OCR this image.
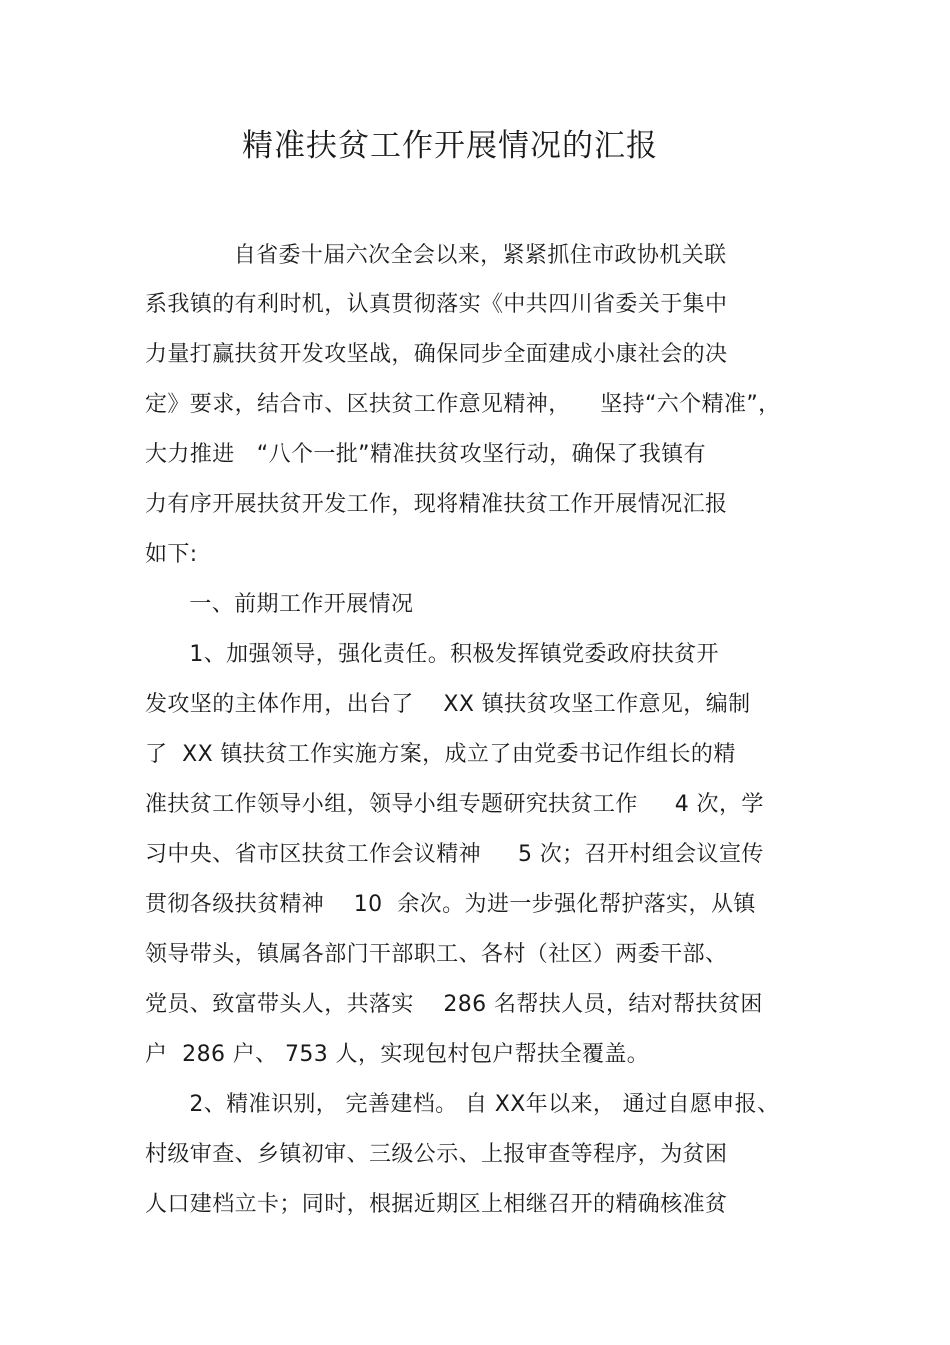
精准扶贫工作开展情况的汇报
自省委十届六次全会以来，紧紧抓住市政协机关联
系我镇的有利时机，认真贯彻落实《中共四川省委关于集中
力量打赢扶贫开发攻坚战，确保同步全面建成小康社会的决
定》要求，结合市、区扶贫工作意见精神，    坚持“六个精准”，
大力推进   “八个一批”精准扶贫攻坚行动，确保了我镇有
力有序开展扶贫开发工作，现将精准扶贫工作开展情况汇报
如下:
一、前期工作开展情况
1、加强领导，强化责任。积极发挥镇党委政府扶贫开
发攻坚的主体作用，出台了    XX 镇扶贫攻坚工作意见，编制
了  XX 镇扶贫工作实施方案，成立了由党委书记作组长的精
准扶贫工作领导小组，领导小组专题研究扶贫工作     4 次，学
习中央、省市区扶贫工作会议精神     5 次；召开村组会议宣传
贯彻各级扶贫精神    10  余次。为进一步强化帮护落实，从镇
领导带头，镇属各部门干部职工、各村（社区）两委干部、
党员、致富带头人，共落实    286 名帮扶人员，结对帮扶贫困
户  286 户、 753 人，实现包村包户帮扶全覆盖。
2、精准识别， 完善建档。 自 XX年以来， 通过自愿申报、
村级审查、乡镇初审、三级公示、上报审查等程序，为贫困
人口建档立卡；同时，根据近期区上相继召开的精确核准贫
